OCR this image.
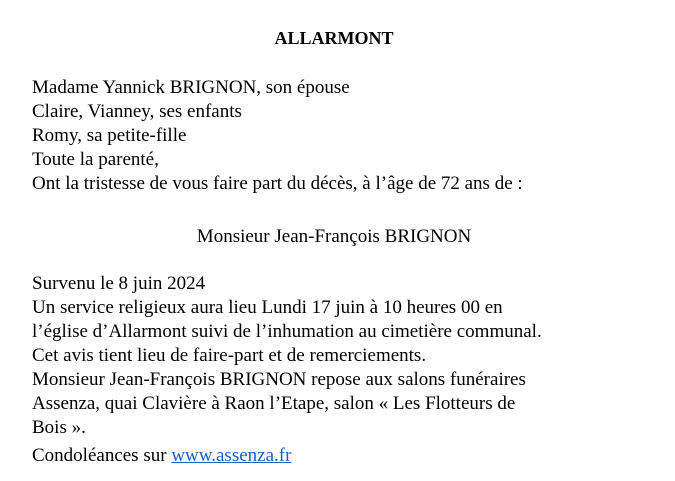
ALLARMONT
Madame Yannick BRIGNON, son épouse
Claire, Vianney, ses enfants
Romy, sa petite-fille
Toute la parenté,
Ont la tristesse de vous faire part du décès, à l’âge de 72 ans de :
Monsieur Jean-François BRIGNON
Survenu le 8 juin 2024
Un service religieux aura lieu Lundi 17 juin à 10 heures 00 en
l’église d’Allarmont suivi de l’inhumation au cimetière communal.
Cet avis tient lieu de faire-part et de remerciements.
Monsieur Jean-François BRIGNON repose aux salons funéraires
Assenza, quai Clavière à Raon l’Etape, salon « Les Flotteurs de
Bois ».
Condoléances sur www.assenza.fr
